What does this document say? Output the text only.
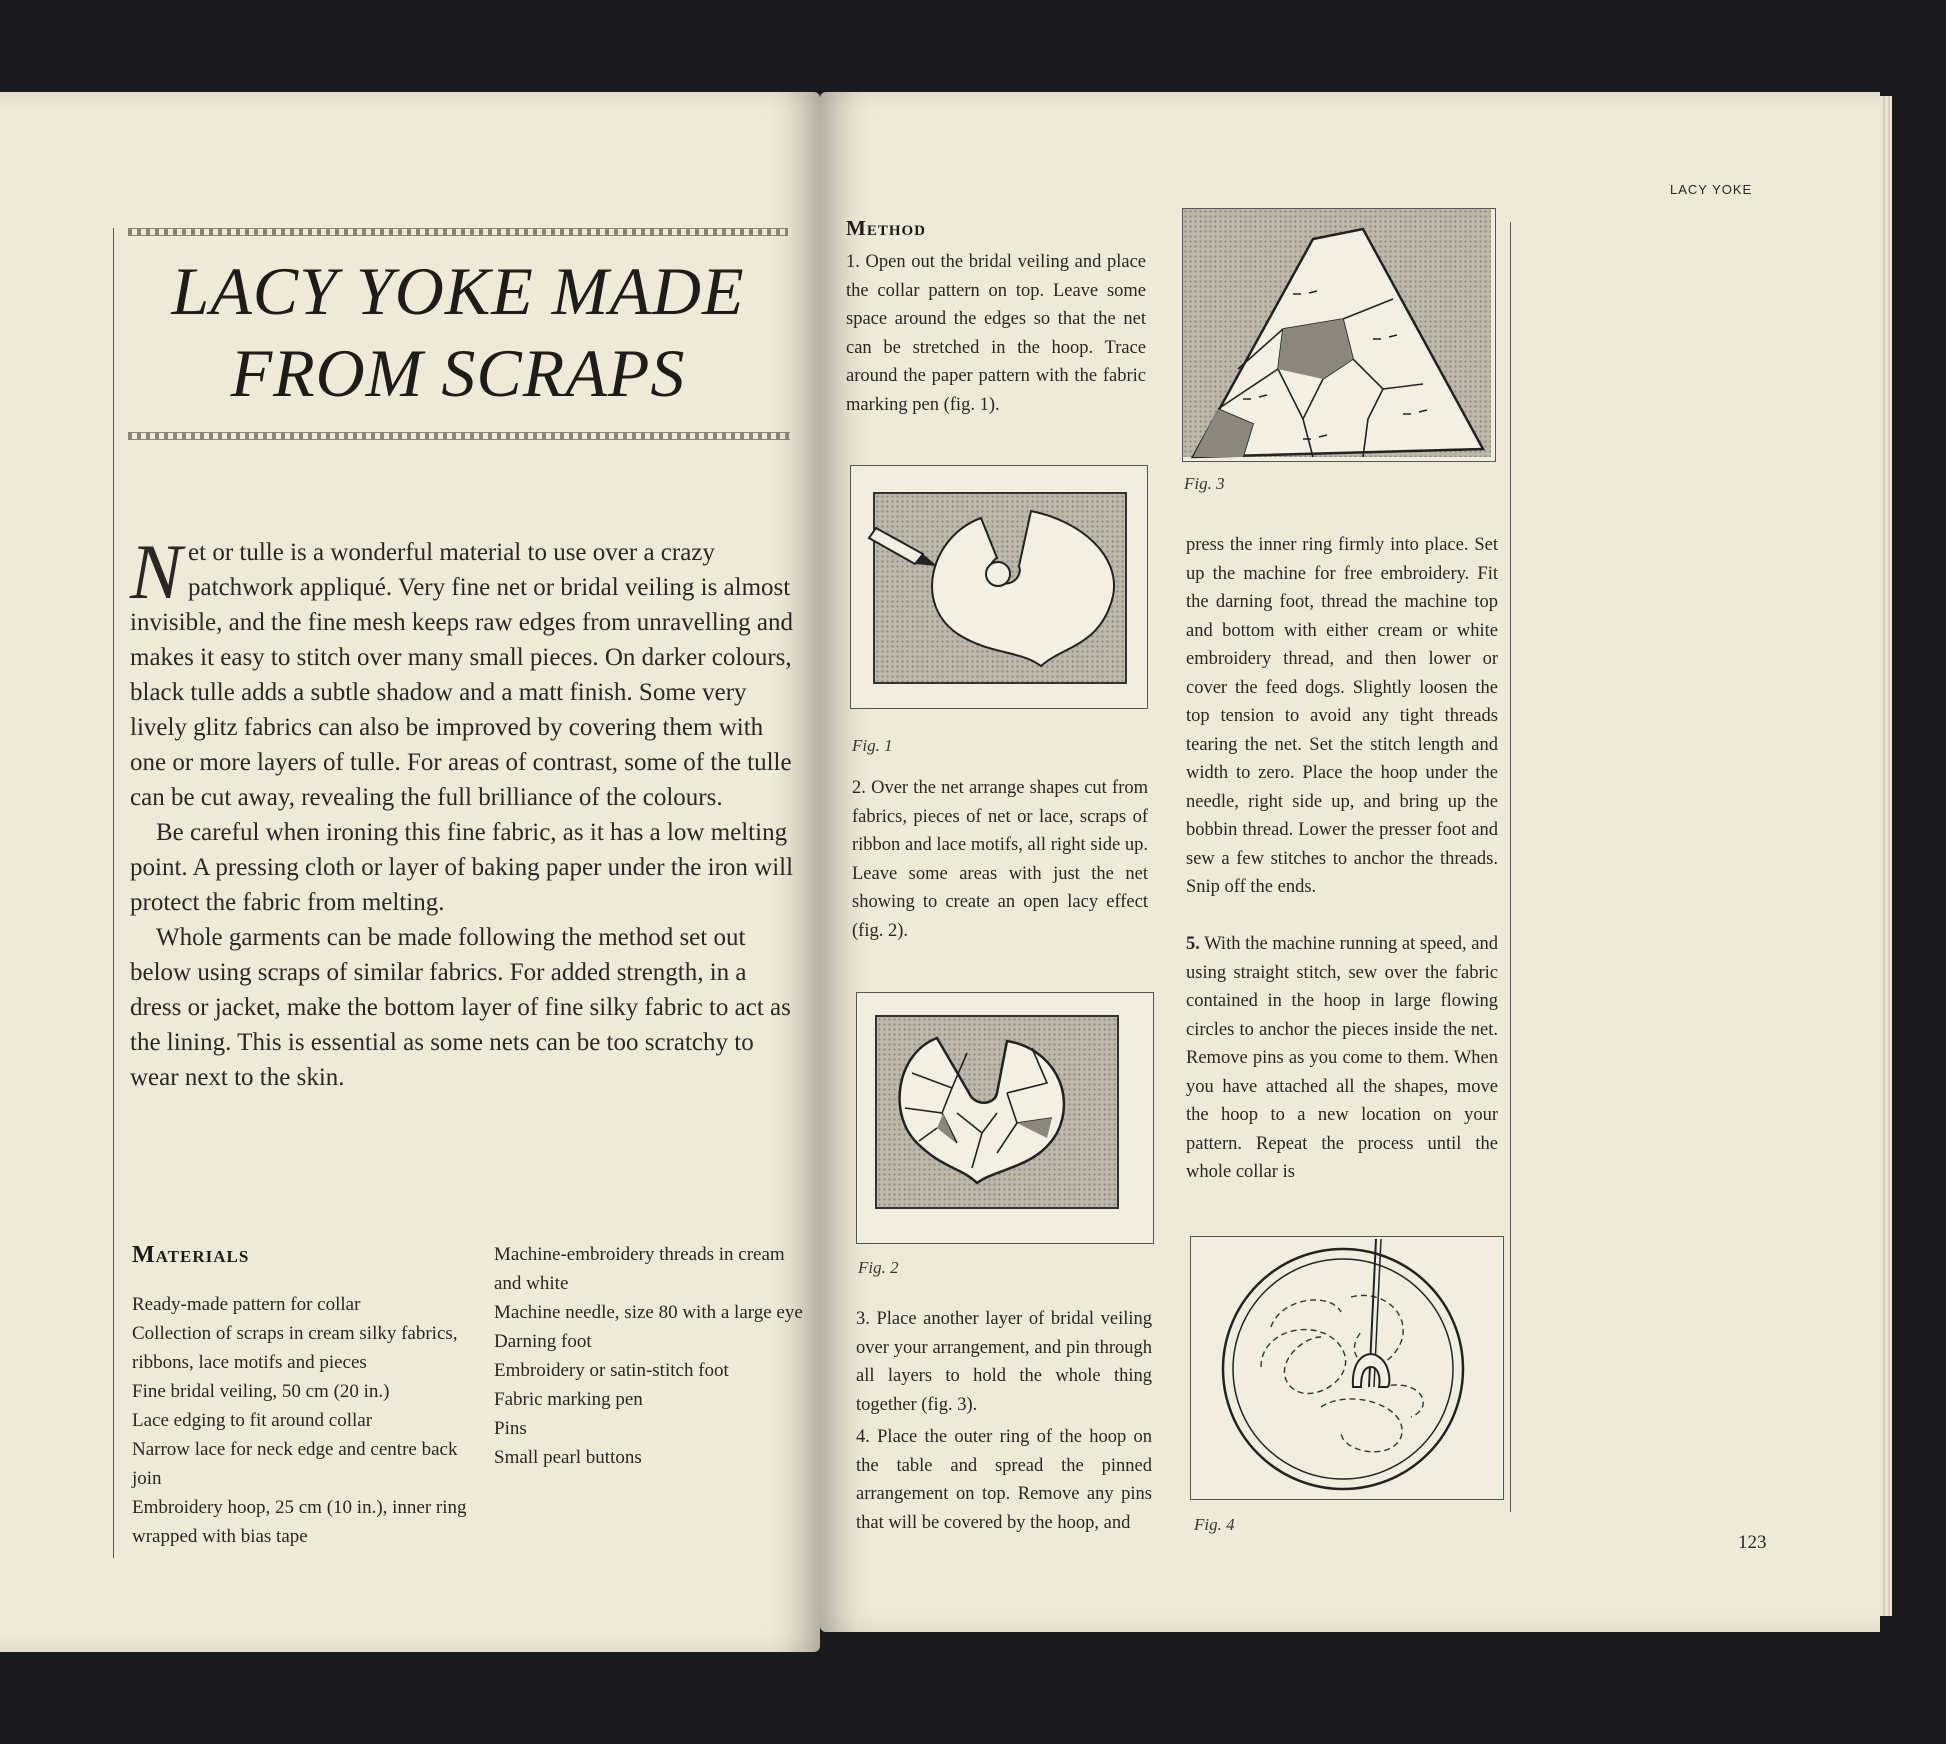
LACY YOKE MADE
FROM SCRAPS

N et or tulle is a wonderful material to use over a crazy patchwork appliqué. Very fine net or bridal veiling is almost invisible, and the fine mesh keeps raw edges from unravelling and makes it easy to stitch over many small pieces. On darker colours, black tulle adds a subtle shadow and a matt finish. Some very lively glitz fabrics can also be improved by covering them with one or more layers of tulle. For areas of contrast, some of the tulle can be cut away, revealing the full brilliance of the colours.

Be careful when ironing this fine fabric, as it has a low melting point. A pressing cloth or layer of baking paper under the iron will protect the fabric from melting.

Whole garments can be made following the method set out below using scraps of similar fabrics. For added strength, in a dress or jacket, make the bottom layer of fine silky fabric to act as the lining. This is essential as some nets can be too scratchy to wear next to the skin.

Materials
Ready-made pattern for collar
Collection of scraps in cream silky fabrics, ribbons, lace motifs and pieces
Fine bridal veiling, 50 cm (20 in.)
Lace edging to fit around collar
Narrow lace for neck edge and centre back join
Embroidery hoop, 25 cm (10 in.), inner ring wrapped with bias tape
Machine-embroidery threads in cream and white
Machine needle, size 80 with a large eye
Darning foot
Embroidery or satin-stitch foot
Fabric marking pen
Pins
Small pearl buttons
LACY YOKE
Method
1. Open out the bridal veiling and place the collar pattern on top. Leave some space around the edges so that the net can be stretched in the hoop. Trace around the paper pattern with the fabric marking pen (fig. 1).
Fig. 1
2. Over the net arrange shapes cut from fabrics, pieces of net or lace, scraps of ribbon and lace motifs, all right side up. Leave some areas with just the net showing to create an open lacy effect (fig. 2).
Fig. 2
3. Place another layer of bridal veiling over your arrangement, and pin through all layers to hold the whole thing together (fig. 3).
4. Place the outer ring of the hoop on the table and spread the pinned arrangement on top. Remove any pins that will be covered by the hoop, and
Fig. 3
press the inner ring firmly into place. Set up the machine for free embroidery. Fit the darning foot, thread the machine top and bottom with either cream or white embroidery thread, and then lower or cover the feed dogs. Slightly loosen the top tension to avoid any tight threads tearing the net. Set the stitch length and width to zero. Place the hoop under the needle, right side up, and bring up the bobbin thread. Lower the presser foot and sew a few stitches to anchor the threads. Snip off the ends.
5. With the machine running at speed, and using straight stitch, sew over the fabric contained in the hoop in large flowing circles to anchor the pieces inside the net. Remove pins as you come to them. When you have attached all the shapes, move the hoop to a new location on your pattern. Repeat the process until the whole collar is
Fig. 4
123
